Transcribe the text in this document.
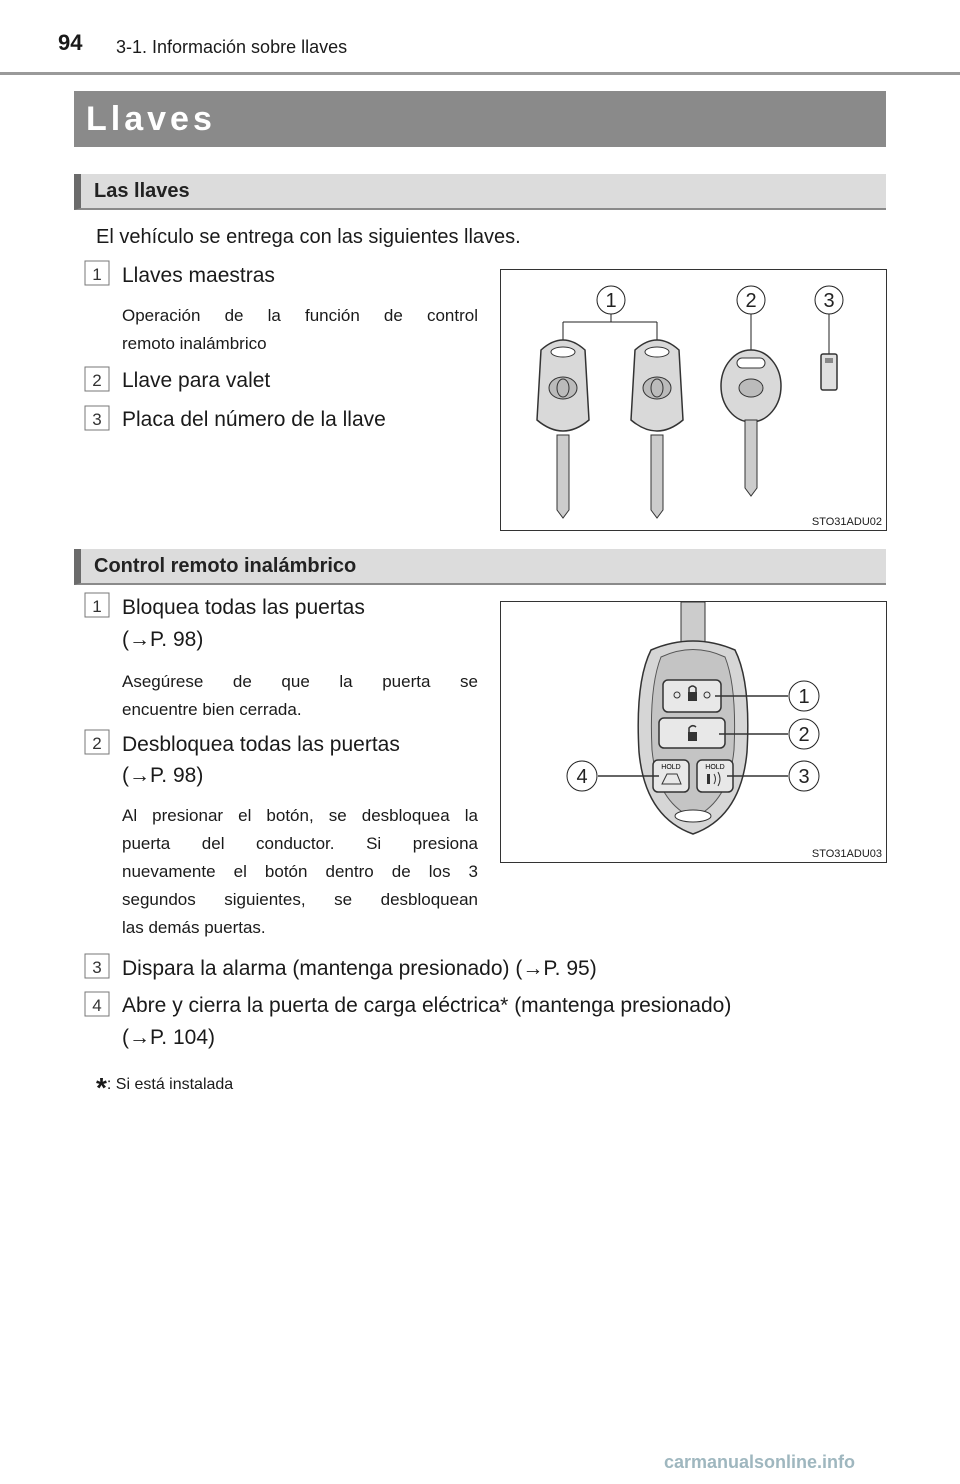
94 3-1. Información sobre llaves
Llaves
Las llaves
El vehículo se entrega con las siguientes llaves.
1 Llaves maestras
Operación de la función de control
remoto inalámbrico
2 Llave para valet
3 Placa del número de la llave
1	2	3
STO31ADU02
Control remoto inalámbrico
1 Bloquea todas las puertas
(→P. 98)
Asegúrese de que la puerta se
encuentre bien cerrada.
2 Desbloquea todas las puertas
(→P. 98)
Al presionar el botón, se desbloquea la
puerta del conductor. Si presiona
nuevamente el botón dentro de los 3
segundos siguientes, se desbloquean
las demás puertas.
3 Dispara la alarma (mantenga presionado) (→P. 95)
4 Abre y cierra la puerta de carga eléctrica* (mantenga presionado)
(→P. 104)
HOLD	HOLD
1
2
3
4
STO31ADU03
*: Si está instalada
carmanualsonline.info
